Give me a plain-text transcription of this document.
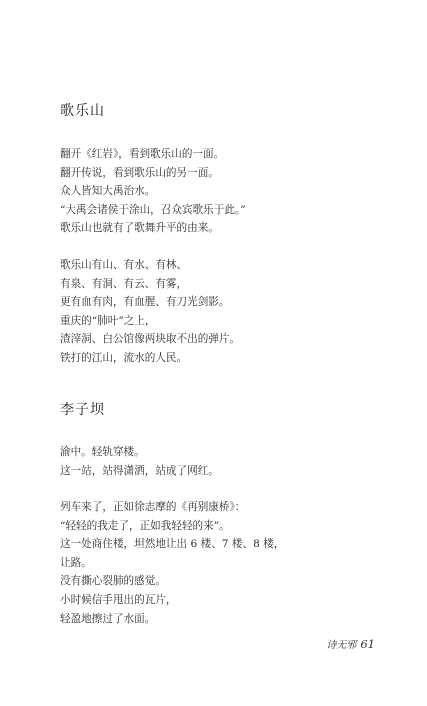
歌乐山
翻开《红岩》，看到歌乐山的一面。
翻开传说，看到歌乐山的另一面。
众人皆知大禹治水。
“大禹会诸侯于涂山，召众宾歌乐于此。”
歌乐山也就有了歌舞升平的由来。
歌乐山有山、有水、有林、
有泉、有洞、有云、有雾，
更有血有肉，有血腥、有刀光剑影。
重庆的“肺叶”之上，
渣滓洞、白公馆像两块取不出的弹片。
铁打的江山，流水的人民。
李子坝
渝中。轻轨穿楼。
这一站，站得潇洒，站成了网红。
列车来了，正如徐志摩的《再别康桥》：
“轻轻的我走了，正如我轻轻的来”。
这一处商住楼，坦然地让出 6 楼、7 楼、8 楼，
让路。
没有撕心裂肺的感觉。
小时候信手甩出的瓦片，
轻盈地擦过了水面。
诗无邪 61
